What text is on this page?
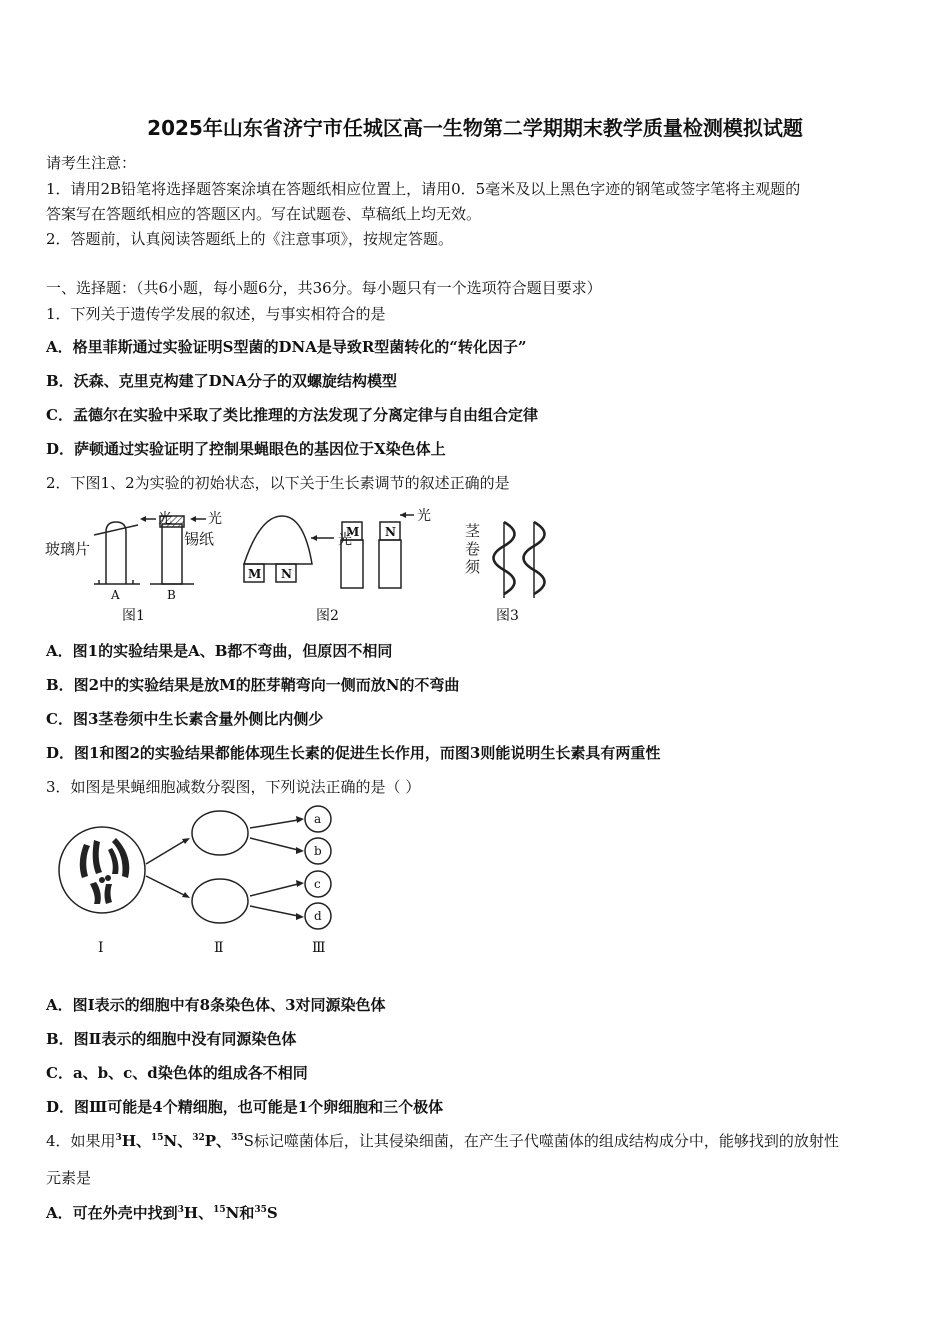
2025年山东省济宁市任城区高一生物第二学期期末教学质量检测模拟试题
请考生注意：
1．请用2B铅笔将选择题答案涂填在答题纸相应位置上，请用0．5毫米及以上黑色字迹的钢笔或签字笔将主观题的
答案写在答题纸相应的答题区内。写在试题卷、草稿纸上均无效。
2．答题前，认真阅读答题纸上的《注意事项》，按规定答题。
一、选择题：（共6小题，每小题6分，共36分。每小题只有一个选项符合题目要求）
1．下列关于遗传学发展的叙述，与事实相符合的是
A．格里菲斯通过实验证明S型菌的DNA是导致R型菌转化的“转化因子”
B．沃森、克里克构建了DNA分子的双螺旋结构模型
C．孟德尔在实验中采取了类比推理的方法发现了分离定律与自由组合定律
D．萨顿通过实验证明了控制果蝇眼色的基因位于X染色体上
2．下图1、2为实验的初始状态，以下关于生长素调节的叙述正确的是
光	光
玻璃片
锡纸
A	B
M N
光
M N
光
茎
卷
须
图1	图2	图3
A．图1的实验结果是A、B都不弯曲，但原因不相同
B．图2中的实验结果是放M的胚芽鞘弯向一侧而放N的不弯曲
C．图3茎卷须中生长素含量外侧比内侧少
D．图1和图2的实验结果都能体现生长素的促进生长作用，而图3则能说明生长素具有两重性
3．如图是果蝇细胞减数分裂图，下列说法正确的是（ ）
a
b
c
d
Ⅰ	Ⅱ	Ⅲ
A．图Ⅰ表示的细胞中有8条染色体、3对同源染色体
B．图Ⅱ表示的细胞中没有同源染色体
C．a、b、c、d染色体的组成各不相同
D．图Ⅲ可能是4个精细胞，也可能是1个卵细胞和三个极体
4．如果用$^3$H、$^{15}$N、$^{32}$P、$^{35}$S标记噬菌体后，让其侵染细菌，在产生子代噬菌体的组成结构成分中，能够找到的放射性
元素是
A．可在外壳中找到$^3$H、$^{15}$N和$^{35}$S
